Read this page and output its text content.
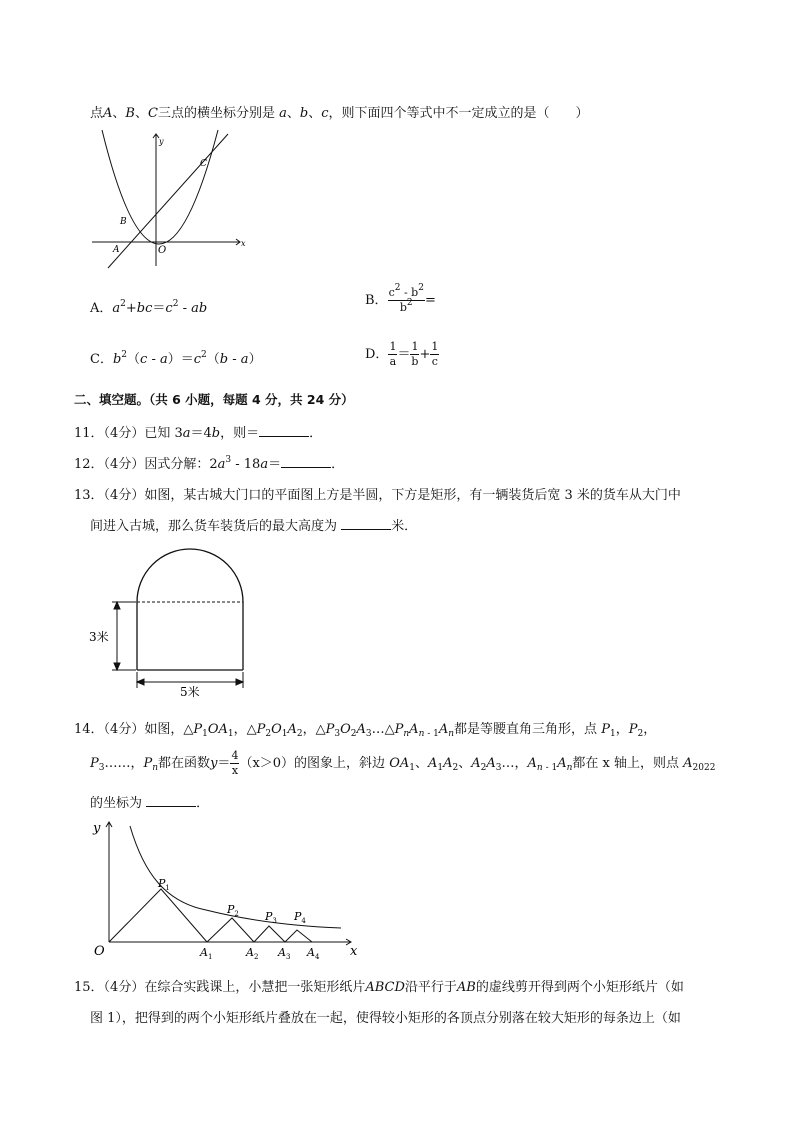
点A、B、C三点的横坐标分别是 a、b、c，则下面四个等式中不一定成立的是（　　）
y
x
O
A
B
C
A．$a^2+bc=c^2$ - ab
B． $\frac{c^2 - b^2}{b^2}$ =
C．$b^2(c - a)=c^2(b - a)$	D． $\frac{1}{a} = \frac{1}{b} + \frac{1}{c}$
二、填空题。（共 6 小题，每题 4 分，共 24 分）
11．（4分）已知 3a＝4b，则＝	．
12．（4分）因式分解：$2a^3 - 18a=$	．
13．（4分）如图，某古城大门口的平面图上方是半圆，下方是矩形，有一辆装货后宽 3 米的货车从大门中
间进入古城，那么货车装货后的最大高度为	米．
3米
5米
14．（4分）如图，$\triangle P_1OA_1$，$\triangle P_2O_1A_2$，$\triangle P_3O_2A_3\dots\triangle P_nA_{n - 1}A_n$都是等腰直角三角形，点 $P_1$，$P_2$，
$P_3\dots\dots$，$P_n$都在函数$y= \frac{4}{x} (x>0)$的图象上，斜边 $OA_1$、$A_1A_2$、$A_2A_3\dots$，$A_{n - 1}A_n$都在 x 轴上，则点 $A_{2022}$
的坐标为	．
y
x
O
$P_1$
$P_2$ $P_3$ $P_4$
$A_1$	$A_2$ $A_3$ $A_4$
15．（4分）在综合实践课上，小慧把一张矩形纸片ABCD沿平行于AB的虚线剪开得到两个小矩形纸片（如
图 1），把得到的两个小矩形纸片叠放在一起，使得较小矩形的各顶点分别落在较大矩形的每条边上（如
